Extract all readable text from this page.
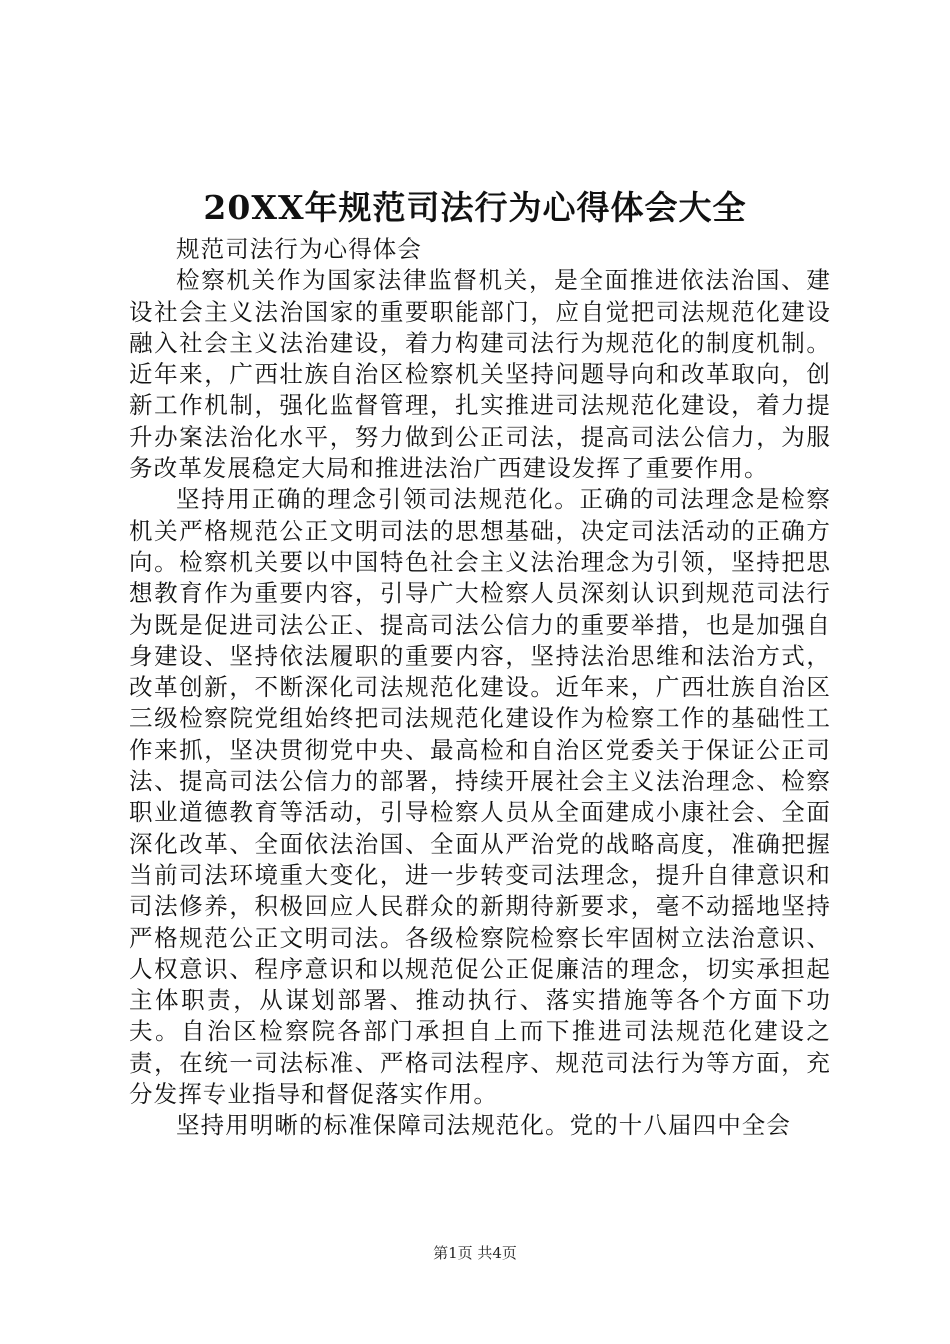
20XX年规范司法行为心得体会大全

规范司法行为心得体会

检察机关作为国家法律监督机关，是全面推进依法治国、建设社会主义法治国家的重要职能部门，应自觉把司法规范化建设融入社会主义法治建设，着力构建司法行为规范化的制度机制。近年来，广西壮族自治区检察机关坚持问题导向和改革取向，创新工作机制，强化监督管理，扎实推进司法规范化建设，着力提升办案法治化水平，努力做到公正司法，提高司法公信力，为服务改革发展稳定大局和推进法治广西建设发挥了重要作用。

坚持用正确的理念引领司法规范化。正确的司法理念是检察机关严格规范公正文明司法的思想基础，决定司法活动的正确方向。检察机关要以中国特色社会主义法治理念为引领，坚持把思想教育作为重要内容，引导广大检察人员深刻认识到规范司法行为既是促进司法公正、提高司法公信力的重要举措，也是加强自身建设、坚持依法履职的重要内容，坚持法治思维和法治方式，改革创新，不断深化司法规范化建设。近年来，广西壮族自治区三级检察院党组始终把司法规范化建设作为检察工作的基础性工作来抓，坚决贯彻党中央、最高检和自治区党委关于保证公正司法、提高司法公信力的部署，持续开展社会主义法治理念、检察职业道德教育等活动，引导检察人员从全面建成小康社会、全面深化改革、全面依法治国、全面从严治党的战略高度，准确把握当前司法环境重大变化，进一步转变司法理念，提升自律意识和司法修养，积极回应人民群众的新期待新要求，毫不动摇地坚持严格规范公正文明司法。各级检察院检察长牢固树立法治意识、人权意识、程序意识和以规范促公正促廉洁的理念，切实承担起主体职责，从谋划部署、推动执行、落实措施等各个方面下功夫。自治区检察院各部门承担自上而下推进司法规范化建设之责，在统一司法标准、严格司法程序、规范司法行为等方面，充分发挥专业指导和督促落实作用。

坚持用明晰的标准保障司法规范化。党的十八届四中全会

第1页 共4页
